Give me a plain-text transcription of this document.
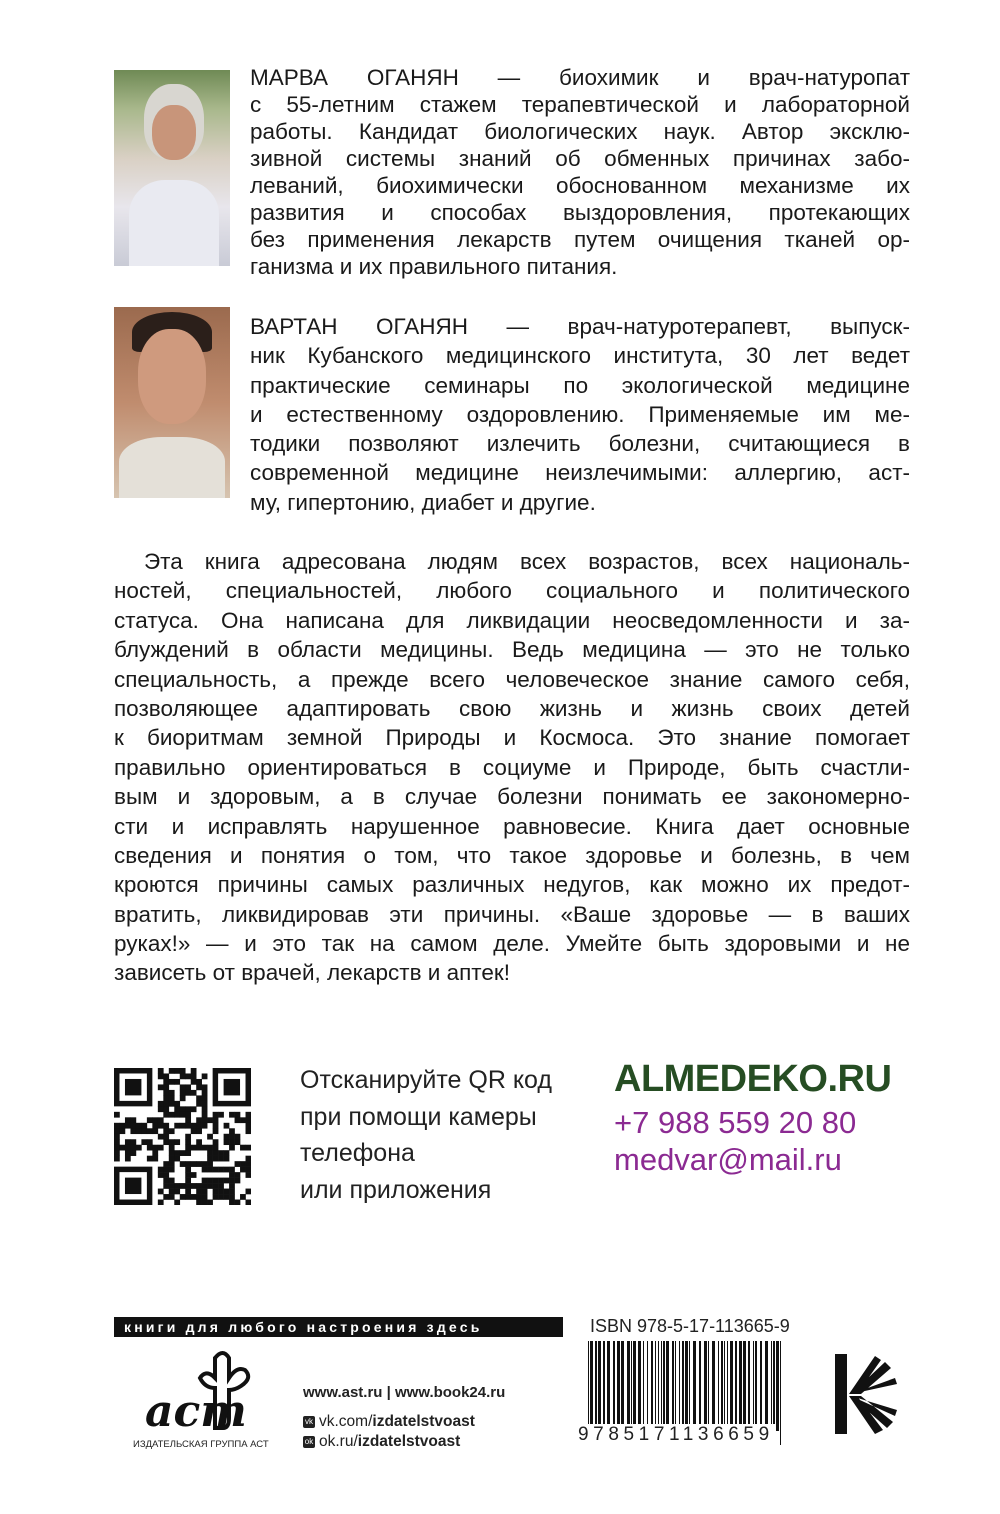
МАРВА ОГАНЯН — биохимик и врач-натуропат
с 55-летним стажем терапевтической и лабораторной
работы. Кандидат биологических наук. Автор эксклю-
зивной системы знаний об обменных причинах забо-
леваний, биохимически обоснованном механизме их
развития и способах выздоровления, протекающих
без применения лекарств путем очищения тканей ор-
ганизма и их правильного питания.
ВАРТАН ОГАНЯН — врач-натуротерапевт, выпуск-
ник Кубанского медицинского института, 30 лет ведет
практические семинары по экологической медицине
и естественному оздоровлению. Применяемые им ме-
тодики позволяют излечить болезни, считающиеся в
современной медицине неизлечимыми: аллергию, аст-
му, гипертонию, диабет и другие.
Эта книга адресована людям всех возрастов, всех националь-
ностей, специальностей, любого социального и политического
статуса. Она написана для ликвидации неосведомленности и за-
блуждений в области медицины. Ведь медицина — это не только
специальность, а прежде всего человеческое знание самого себя,
позволяющее адаптировать свою жизнь и жизнь своих детей
к биоритмам земной Природы и Космоса. Это знание помогает
правильно ориентироваться в социуме и Природе, быть счастли-
вым и здоровым, а в случае болезни понимать ее закономерно-
сти и исправлять нарушенное равновесие. Книга дает основные
сведения и понятия о том, что такое здоровье и болезнь, в чем
кроются причины самых различных недугов, как можно их предот-
вратить, ликвидировав эти причины. «Ваше здоровье — в ваших
руках!» — и это так на самом деле. Умейте быть здоровыми и не
зависеть от врачей, лекарств и аптек!
Отсканируйте QR код
при помощи камеры
телефона
или приложения
ALMEDEKO.RU
+7 988 559 20 80
medvar@mail.ru
книги для любого настроения здесь
аст
ИЗДАТЕЛЬСКАЯ ГРУППА АСТ
www.ast.ru | www.book24.ru
vk vk.com/izdatelstvoast
ok ok.ru/izdatelstvoast
ISBN 978-5-17-113665-9
9785171136659
